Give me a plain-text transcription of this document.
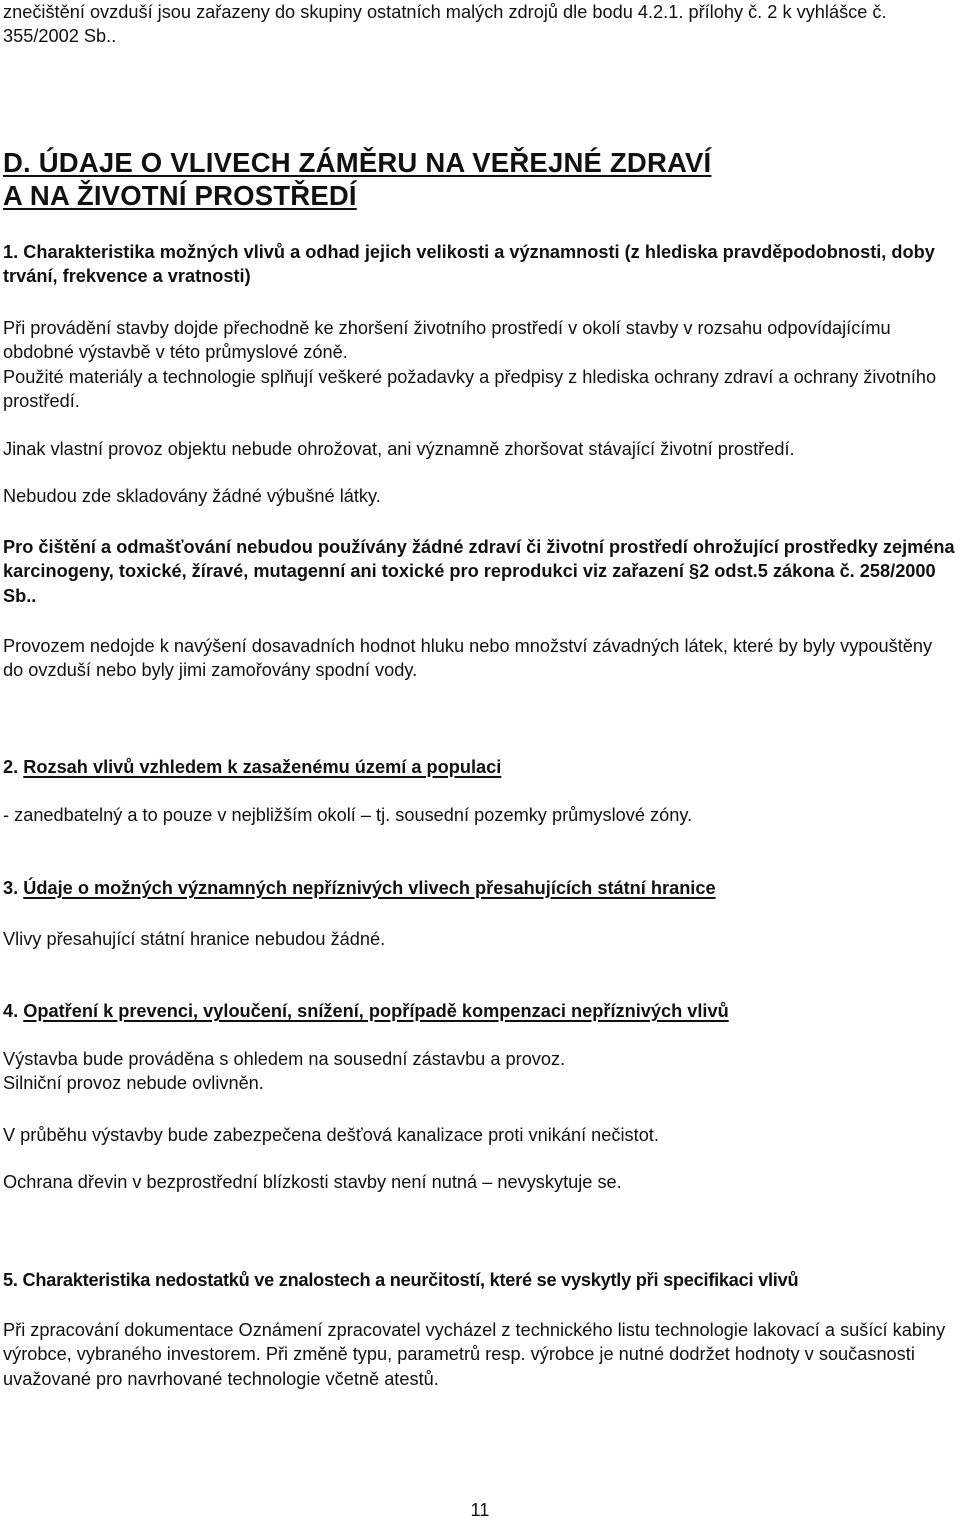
znečištění ovzduší jsou zařazeny do skupiny ostatních malých zdrojů dle bodu 4.2.1. přílohy č. 2 k vyhlášce č. 355/2002 Sb..

D. ÚDAJE O VLIVECH ZÁMĚRU NA VEŘEJNÉ ZDRAVÍ
A NA ŽIVOTNÍ PROSTŘEDÍ

1. Charakteristika možných vlivů a odhad jejich velikosti a významnosti (z hlediska pravděpodobnosti, doby trvání, frekvence a vratnosti)

Při provádění stavby dojde přechodně ke zhoršení životního prostředí v okolí stavby v rozsahu odpovídajícímu obdobné výstavbě v této průmyslové zóně.

Použité materiály a technologie splňují veškeré požadavky a předpisy z hlediska ochrany zdraví a ochrany životního prostředí.

Jinak vlastní provoz objektu nebude ohrožovat, ani významně zhoršovat stávající životní prostředí.

Nebudou zde skladovány žádné výbušné látky.

Pro čištění a odmašťování nebudou používány žádné zdraví či životní prostředí ohrožující prostředky zejména karcinogeny, toxické, žíravé, mutagenní ani toxické pro reprodukci viz zařazení §2 odst.5 zákona č. 258/2000 Sb..

Provozem nedojde k navýšení dosavadních hodnot hluku nebo množství závadných látek, které by byly vypouštěny do ovzduší nebo byly jimi zamořovány spodní vody.

2. Rozsah vlivů vzhledem k zasaženému území a populaci

- zanedbatelný a to pouze v nejbližším okolí – tj. sousední pozemky průmyslové zóny.

3. Údaje o možných významných nepříznivých vlivech přesahujících státní hranice

Vlivy přesahující státní hranice nebudou žádné.

4. Opatření k prevenci, vyloučení, snížení, popřípadě kompenzaci nepříznivých vlivů

Výstavba bude prováděna s ohledem na sousední zástavbu a provoz.

Silniční provoz nebude ovlivněn.

V průběhu výstavby bude zabezpečena dešťová kanalizace proti vnikání nečistot.

Ochrana dřevin v bezprostřední blízkosti stavby není nutná – nevyskytuje se.

5. Charakteristika nedostatků ve znalostech a neurčitostí, které se vyskytly při specifikaci vlivů

Při zpracování dokumentace Oznámení zpracovatel vycházel z technického listu technologie lakovací a sušící kabiny výrobce, vybraného investorem. Při změně typu, parametrů resp. výrobce je nutné dodržet hodnoty v současnosti uvažované pro navrhované technologie včetně atestů.

11
